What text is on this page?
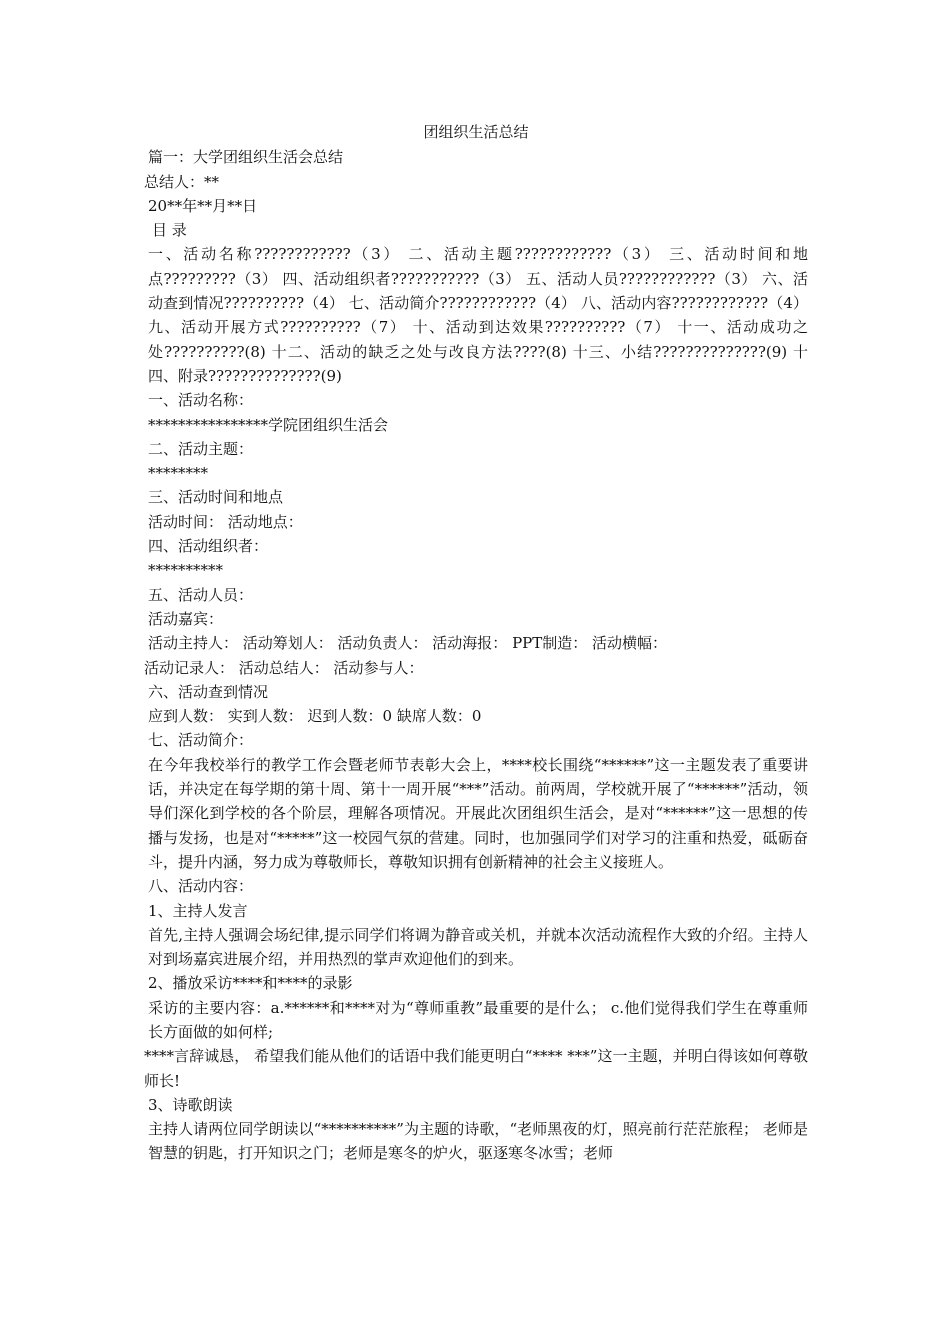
团组织生活总结
篇一：大学团组织生活会总结
总结人：**
20**年**月**日
目 录
一、活动名称????????????（3） 二、活动主题????????????（3） 三、活动时间和地点?????????（3） 四、活动组织者???????????（3） 五、活动人员????????????（3） 六、活动查到情况??????????（4） 七、活动简介????????????（4） 八、活动内容????????????（4） 九、活动开展方式??????????（7） 十、活动到达效果??????????（7） 十一、活动成功之处??????????(8) 十二、活动的缺乏之处与改良方法????(8) 十三、小结??????????????(9) 十四、附录??????????????(9)
一、活动名称：
****************学院团组织生活会
二、活动主题：
********
三、活动时间和地点
活动时间： 活动地点：
四、活动组织者：
**********
五、活动人员：
活动嘉宾：
活动主持人： 活动筹划人： 活动负责人： 活动海报： PPT制造： 活动横幅：
活动记录人： 活动总结人： 活动参与人：
六、活动查到情况
应到人数： 实到人数： 迟到人数：0 缺席人数：0
七、活动简介：
在今年我校举行的教学工作会暨老师节表彰大会上，****校长围绕“******”这一主题发表了重要讲话，并决定在每学期的第十周、第十一周开展“***”活动。前两周，学校就开展了“******”活动，领导们深化到学校的各个阶层，理解各项情况。开展此次团组织生活会，是对“******”这一思想的传播与发扬，也是对“*****”这一校园气氛的营建。同时，也加强同学们对学习的注重和热爱，砥砺奋斗，提升内涵，努力成为尊敬师长，尊敬知识拥有创新精神的社会主义接班人。
八、活动内容：
1、主持人发言
首先,主持人强调会场纪律,提示同学们将调为静音或关机，并就本次活动流程作大致的介绍。主持人对到场嘉宾进展介绍，并用热烈的掌声欢迎他们的到来。
2、播放采访****和****的录影
采访的主要内容：a.******和****对为“尊师重教”最重要的是什么； c.他们觉得我们学生在尊重师长方面做的如何样;
****言辞诚恳， 希望我们能从他们的话语中我们能更明白“**** ***”这一主题，并明白得该如何尊敬师长!
3、诗歌朗读
主持人请两位同学朗读以“**********”为主题的诗歌，“老师黑夜的灯，照亮前行茫茫旅程； 老师是智慧的钥匙，打开知识之门；老师是寒冬的炉火，驱逐寒冬冰雪；老师
